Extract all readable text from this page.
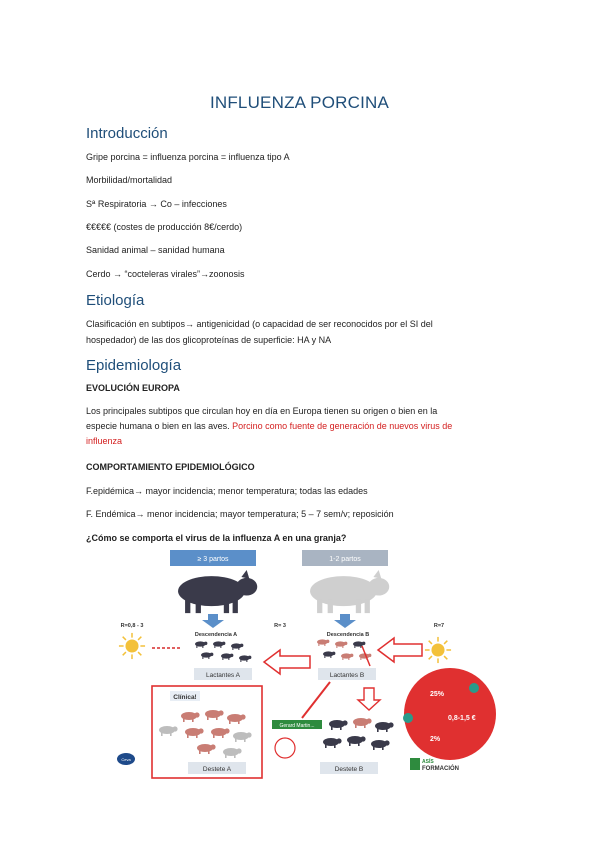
INFLUENZA PORCINA
Introducción
Gripe porcina = influenza porcina = influenza tipo A
Morbilidad/mortalidad
Sª Respiratoria → Co – infecciones
€€€€€ (costes de producción 8€/cerdo)
Sanidad animal – sanidad humana
Cerdo → “cocteleras virales”→zoonosis
Etiología
Clasificación en subtipos→ antigenicidad (o capacidad de ser reconocidos por el SI del
hospedador) de las dos glicoproteínas de superficie: HA y NA
Epidemiología
EVOLUCIÓN EUROPA
Los principales subtipos que circulan hoy en día en Europa tienen su origen o bien en la
especie humana o bien en las aves. Porcino como fuente de generación de nuevos virus de
influenza
COMPORTAMIENTO EPIDEMIOLÓGICO
F.epidémica→ mayor incidencia; menor temperatura; todas las edades
F. Endémica→ menor incidencia; mayor temperatura; 5 – 7 sem/v; reposición
¿Cómo se comporta el virus de la influenza A en una granja?
≥ 3 partos	1-2 partos
Descendencia A	Descendencia B
R=0,8 - 3	R= 3	R=7
Lactantes A	Lactantes B
Clínica!
Destete A
Gerard Martin...
Destete B
25%
0,8-1,5 €
2%
Ceva	ASÍS
FORMACIÓN
